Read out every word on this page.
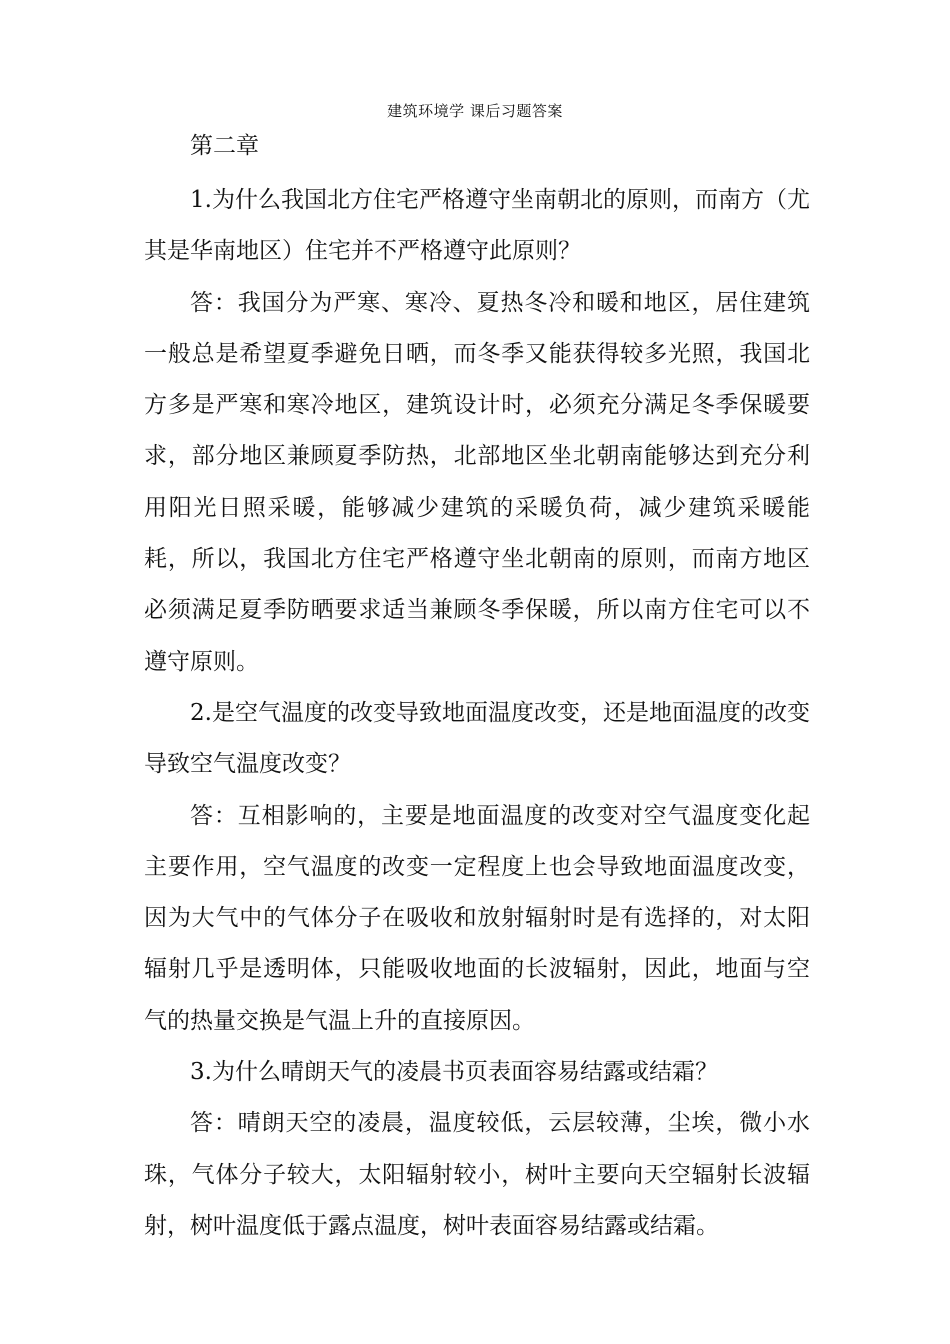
建筑环境学 课后习题答案
第二章

1.为什么我国北方住宅严格遵守坐南朝北的原则，而南方（尤其是华南地区）住宅并不严格遵守此原则？

答：我国分为严寒、寒冷、夏热冬冷和暖和地区，居住建筑一般总是希望夏季避免日晒，而冬季又能获得较多光照，我国北方多是严寒和寒冷地区，建筑设计时，必须充分满足冬季保暖要求，部分地区兼顾夏季防热，北部地区坐北朝南能够达到充分利用阳光日照采暖，能够减少建筑的采暖负荷，减少建筑采暖能耗，所以，我国北方住宅严格遵守坐北朝南的原则，而南方地区必须满足夏季防晒要求适当兼顾冬季保暖，所以南方住宅可以不遵守原则。

2.是空气温度的改变导致地面温度改变，还是地面温度的改变导致空气温度改变？

答：互相影响的，主要是地面温度的改变对空气温度变化起主要作用，空气温度的改变一定程度上也会导致地面温度改变，因为大气中的气体分子在吸收和放射辐射时是有选择的，对太阳辐射几乎是透明体，只能吸收地面的长波辐射，因此，地面与空气的热量交换是气温上升的直接原因。

3.为什么晴朗天气的凌晨书页表面容易结露或结霜？

答：晴朗天空的凌晨，温度较低，云层较薄，尘埃，微小水珠，气体分子较大，太阳辐射较小，树叶主要向天空辐射长波辐射，树叶温度低于露点温度，树叶表面容易结露或结霜。
